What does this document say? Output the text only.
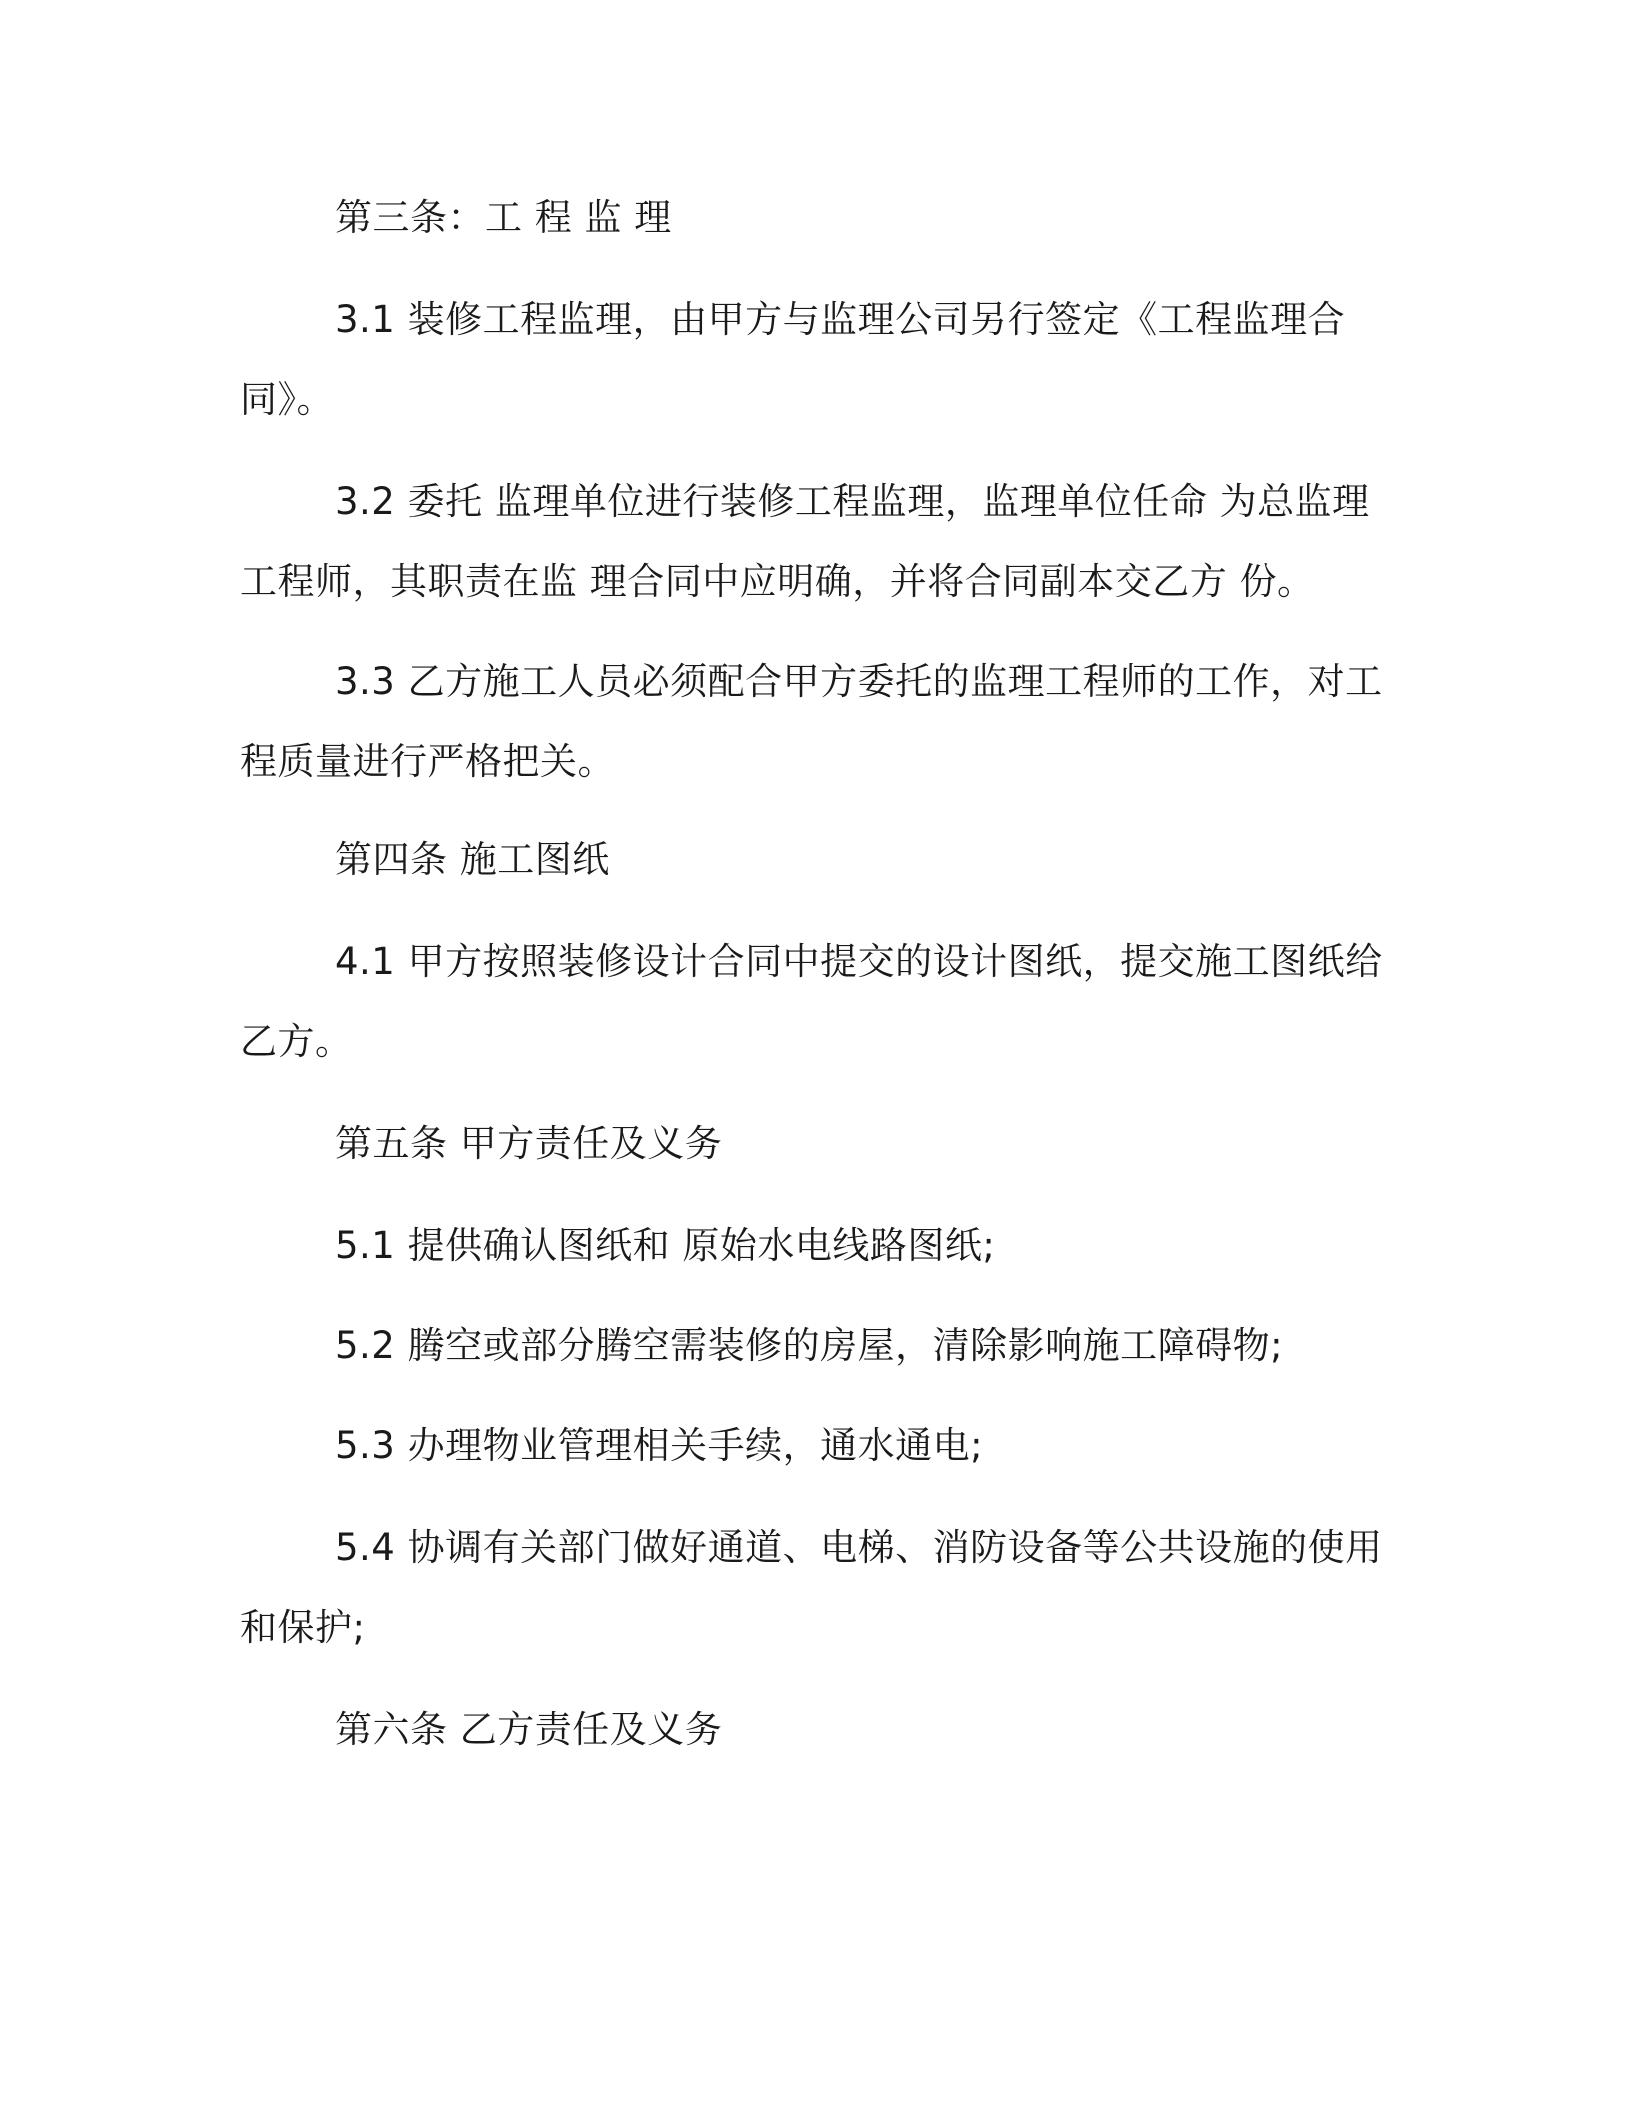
第三条：工 程 监 理

3.1 装修工程监理，由甲方与监理公司另行签定《工程监理合同》。

3.2 委托 监理单位进行装修工程监理，监理单位任命 为总监理工程师，其职责在监 理合同中应明确，并将合同副本交乙方 份。

3.3 乙方施工人员必须配合甲方委托的监理工程师的工作，对工程质量进行严格把关。

第四条 施工图纸

4.1 甲方按照装修设计合同中提交的设计图纸，提交施工图纸给乙方。

第五条 甲方责任及义务

5.1 提供确认图纸和 原始水电线路图纸;

5.2 腾空或部分腾空需装修的房屋，清除影响施工障碍物;

5.3 办理物业管理相关手续，通水通电;

5.4 协调有关部门做好通道、电梯、消防设备等公共设施的使用和保护;

第六条 乙方责任及义务
